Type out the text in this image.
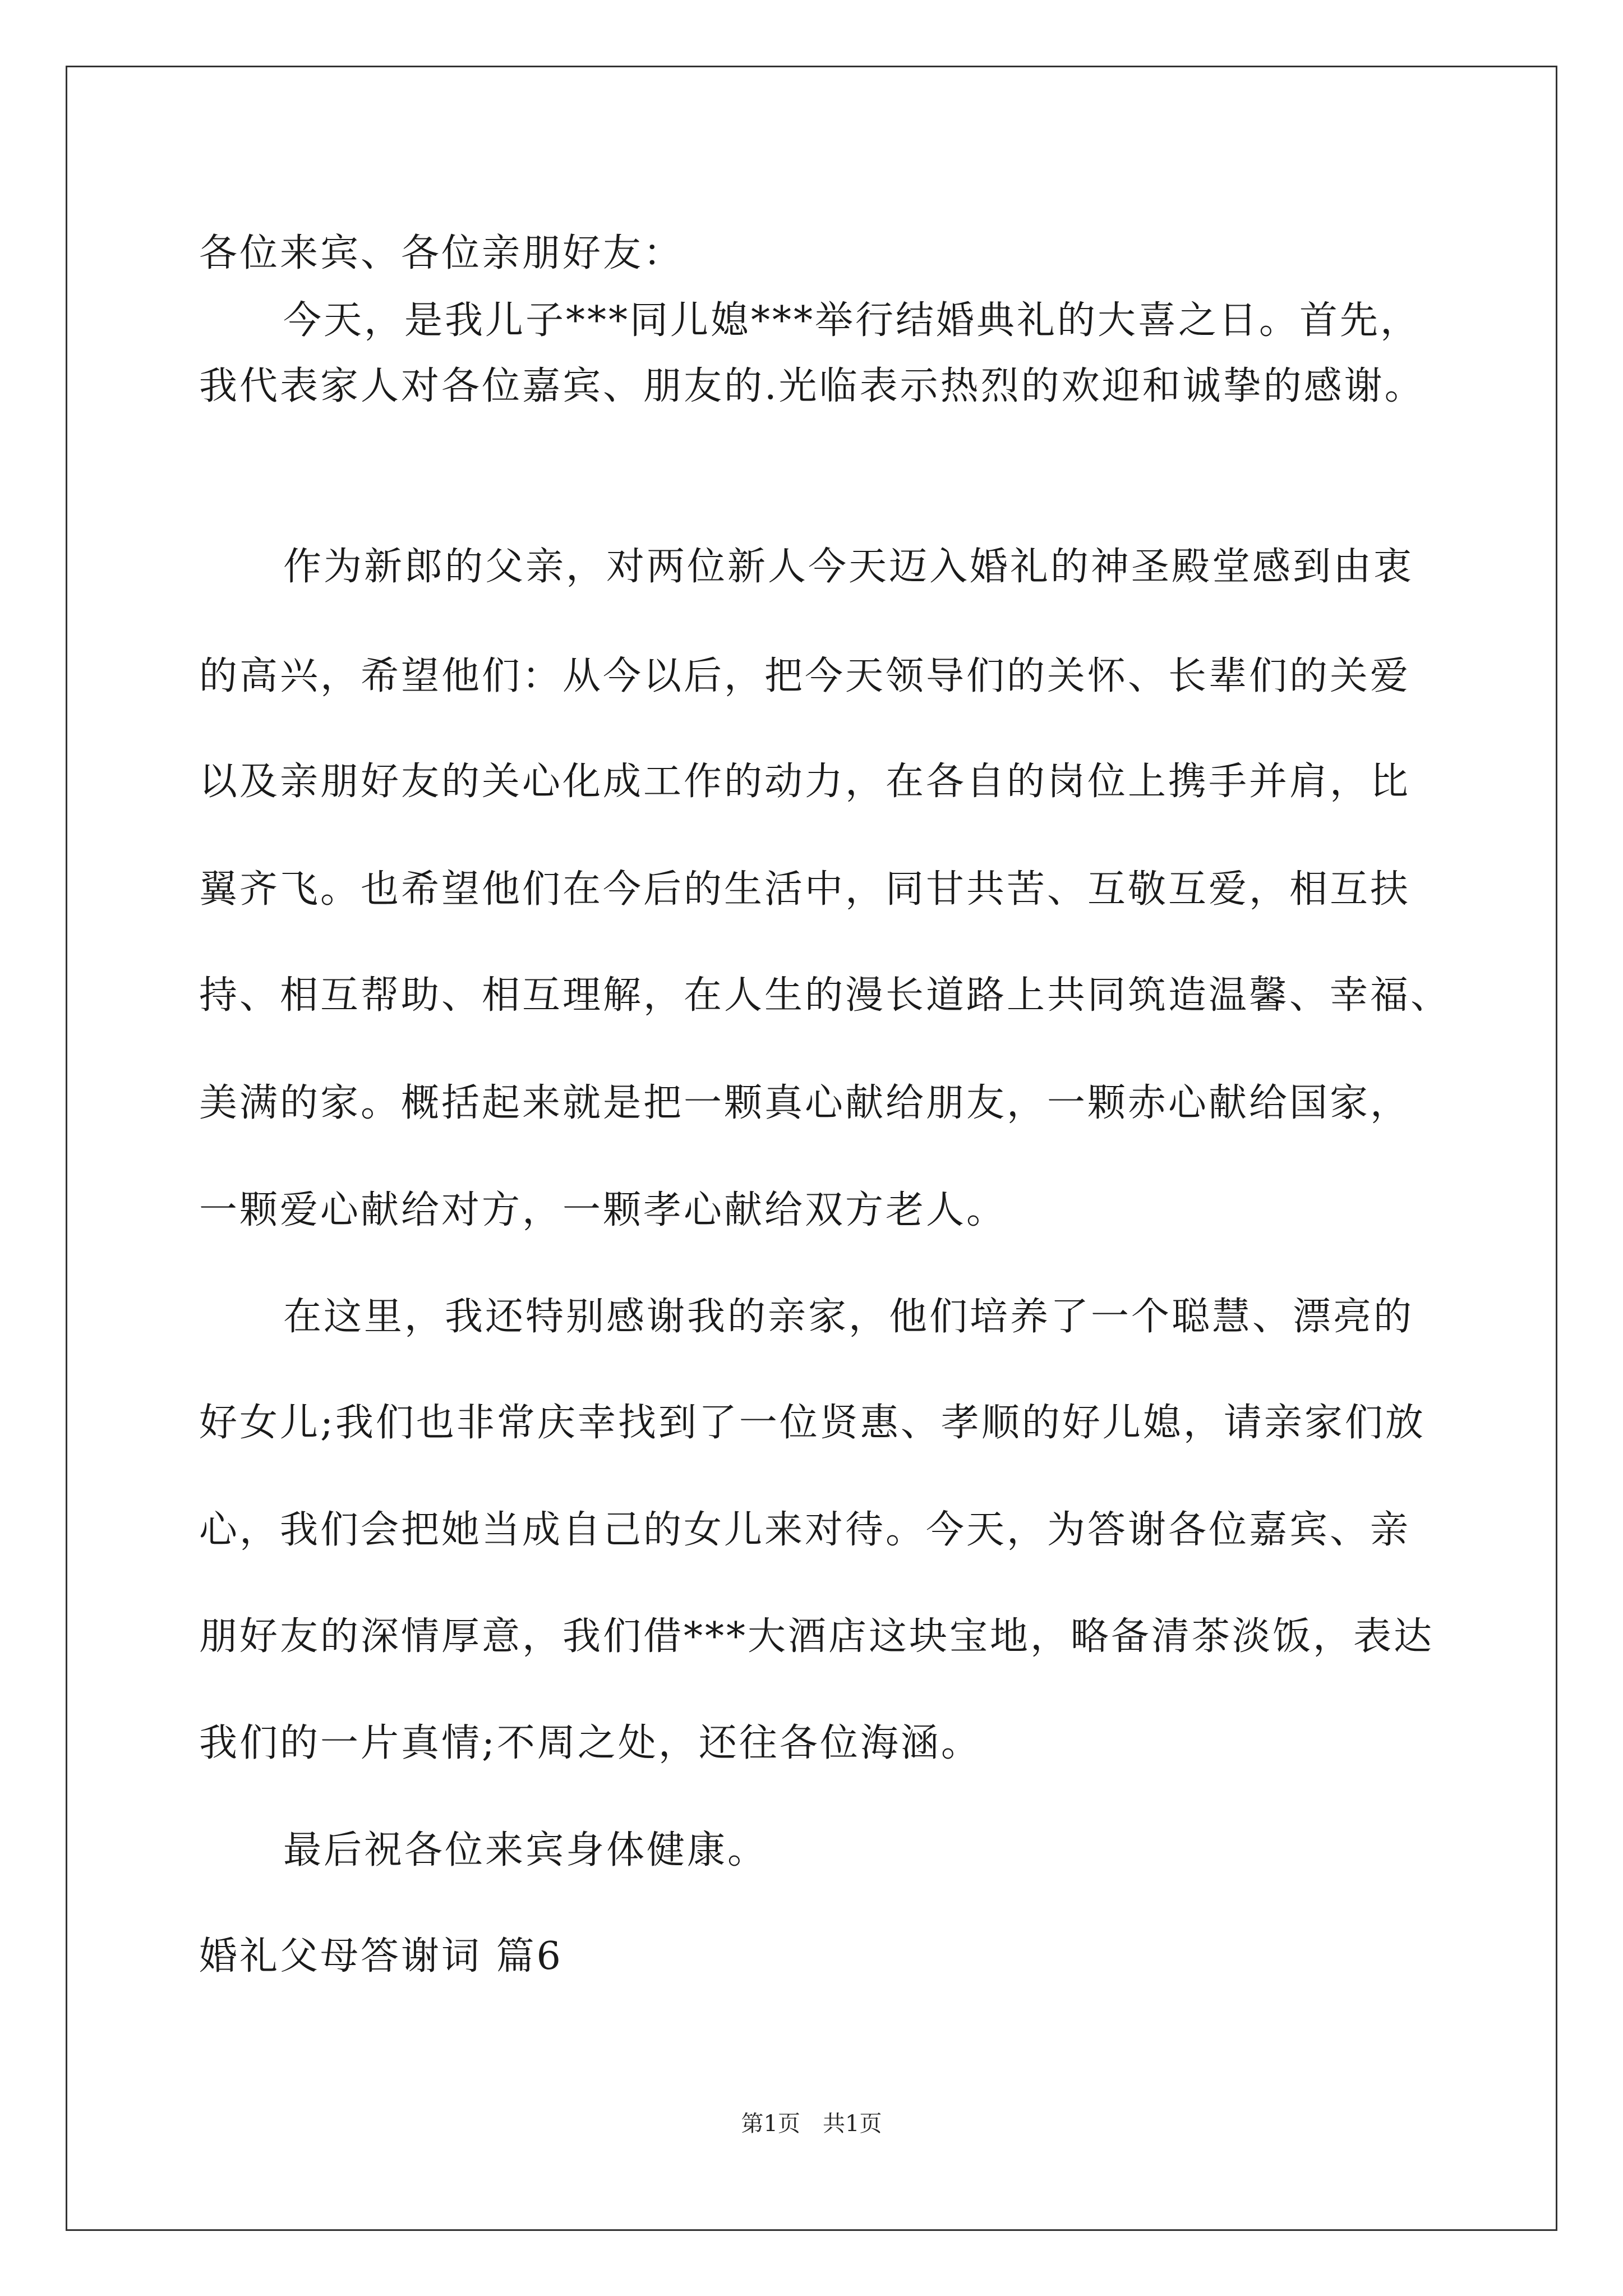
各位来宾、各位亲朋好友：
今天，是我儿子***同儿媳***举行结婚典礼的大喜之日。首先，
我代表家人对各位嘉宾、朋友的.光临表示热烈的欢迎和诚挚的感谢。
作为新郎的父亲，对两位新人今天迈入婚礼的神圣殿堂感到由衷
的高兴，希望他们：从今以后，把今天领导们的关怀、长辈们的关爱
以及亲朋好友的关心化成工作的动力，在各自的岗位上携手并肩，比
翼齐飞。也希望他们在今后的生活中，同甘共苦、互敬互爱，相互扶
持、相互帮助、相互理解，在人生的漫长道路上共同筑造温馨、幸福、
美满的家。概括起来就是把一颗真心献给朋友，一颗赤心献给国家，
一颗爱心献给对方，一颗孝心献给双方老人。
在这里，我还特别感谢我的亲家，他们培养了一个聪慧、漂亮的
好女儿;我们也非常庆幸找到了一位贤惠、孝顺的好儿媳，请亲家们放
心，我们会把她当成自己的女儿来对待。今天，为答谢各位嘉宾、亲
朋好友的深情厚意，我们借***大酒店这块宝地，略备清茶淡饭，表达
我们的一片真情;不周之处，还往各位海涵。
最后祝各位来宾身体健康。
婚礼父母答谢词 篇6
第1页　共1页
